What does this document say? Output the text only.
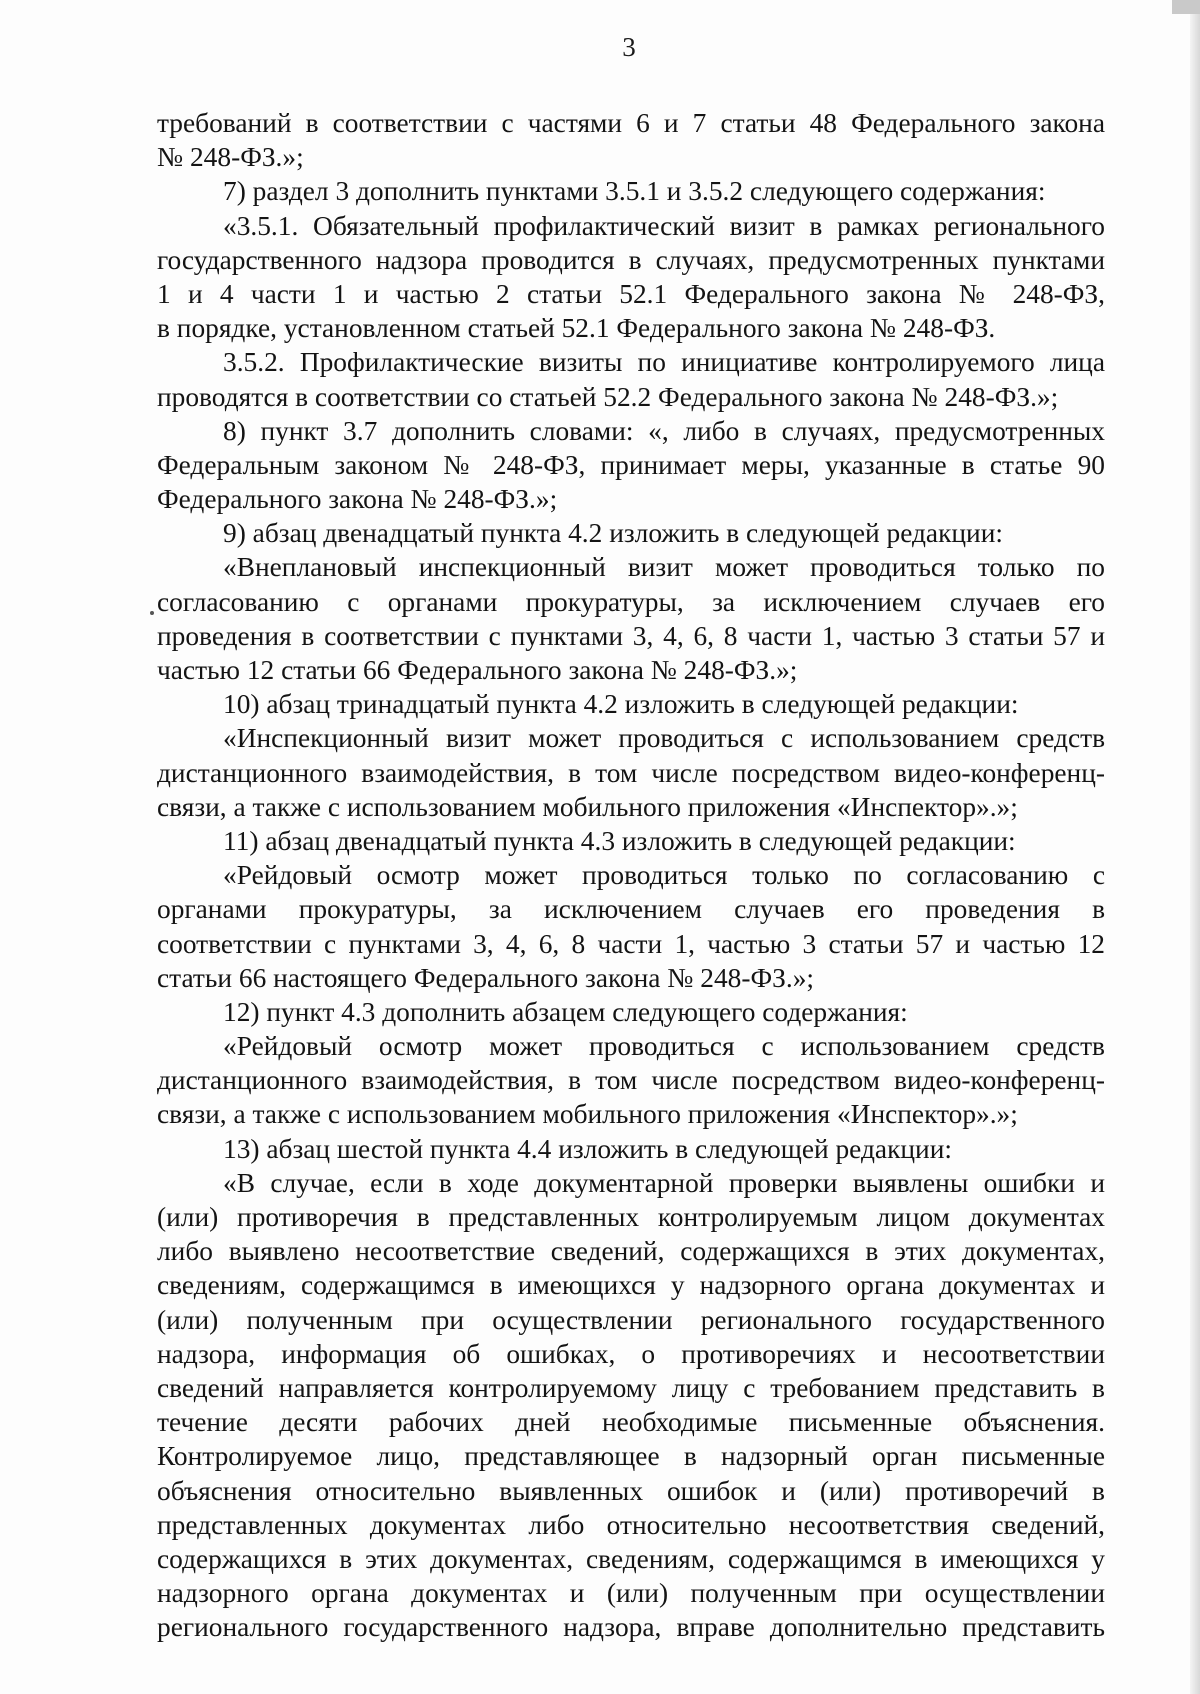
3
требований в соответствии с частями 6 и 7 статьи 48 Федерального закона
№ 248-ФЗ.»;
7) раздел 3 дополнить пунктами 3.5.1 и 3.5.2 следующего содержания:
«3.5.1. Обязательный профилактический визит в рамках регионального
государственного надзора проводится в случаях, предусмотренных пунктами
1 и 4 части 1 и частью 2 статьи 52.1 Федерального закона № 248-ФЗ,
в порядке, установленном статьей 52.1 Федерального закона № 248-ФЗ.
3.5.2. Профилактические визиты по инициативе контролируемого лица
проводятся в соответствии со статьей 52.2 Федерального закона № 248-ФЗ.»;
8) пункт 3.7 дополнить словами: «, либо в случаях, предусмотренных
Федеральным законом № 248-ФЗ, принимает меры, указанные в статье 90
Федерального закона № 248-ФЗ.»;
9) абзац двенадцатый пункта 4.2 изложить в следующей редакции:
«Внеплановый инспекционный визит может проводиться только по
согласованию с органами прокуратуры, за исключением случаев его
проведения в соответствии с пунктами 3, 4, 6, 8 части 1, частью 3 статьи 57 и
частью 12 статьи 66 Федерального закона № 248-ФЗ.»;
10) абзац тринадцатый пункта 4.2 изложить в следующей редакции:
«Инспекционный визит может проводиться с использованием средств
дистанционного взаимодействия, в том числе посредством видео-конференц-
связи, а также с использованием мобильного приложения «Инспектор».»;
11) абзац двенадцатый пункта 4.3 изложить в следующей редакции:
«Рейдовый осмотр может проводиться только по согласованию с
органами прокуратуры, за исключением случаев его проведения в
соответствии с пунктами 3, 4, 6, 8 части 1, частью 3 статьи 57 и частью 12
статьи 66 настоящего Федерального закона № 248-ФЗ.»;
12) пункт 4.3 дополнить абзацем следующего содержания:
«Рейдовый осмотр может проводиться с использованием средств
дистанционного взаимодействия, в том числе посредством видео-конференц-
связи, а также с использованием мобильного приложения «Инспектор».»;
13) абзац шестой пункта 4.4 изложить в следующей редакции:
«В случае, если в ходе документарной проверки выявлены ошибки и
(или) противоречия в представленных контролируемым лицом документах
либо выявлено несоответствие сведений, содержащихся в этих документах,
сведениям, содержащимся в имеющихся у надзорного органа документах и
(или) полученным при осуществлении регионального государственного
надзора, информация об ошибках, о противоречиях и несоответствии
сведений направляется контролируемому лицу с требованием представить в
течение десяти рабочих дней необходимые письменные объяснения.
Контролируемое лицо, представляющее в надзорный орган письменные
объяснения относительно выявленных ошибок и (или) противоречий в
представленных документах либо относительно несоответствия сведений,
содержащихся в этих документах, сведениям, содержащимся в имеющихся у
надзорного органа документах и (или) полученным при осуществлении
регионального государственного надзора, вправе дополнительно представить
